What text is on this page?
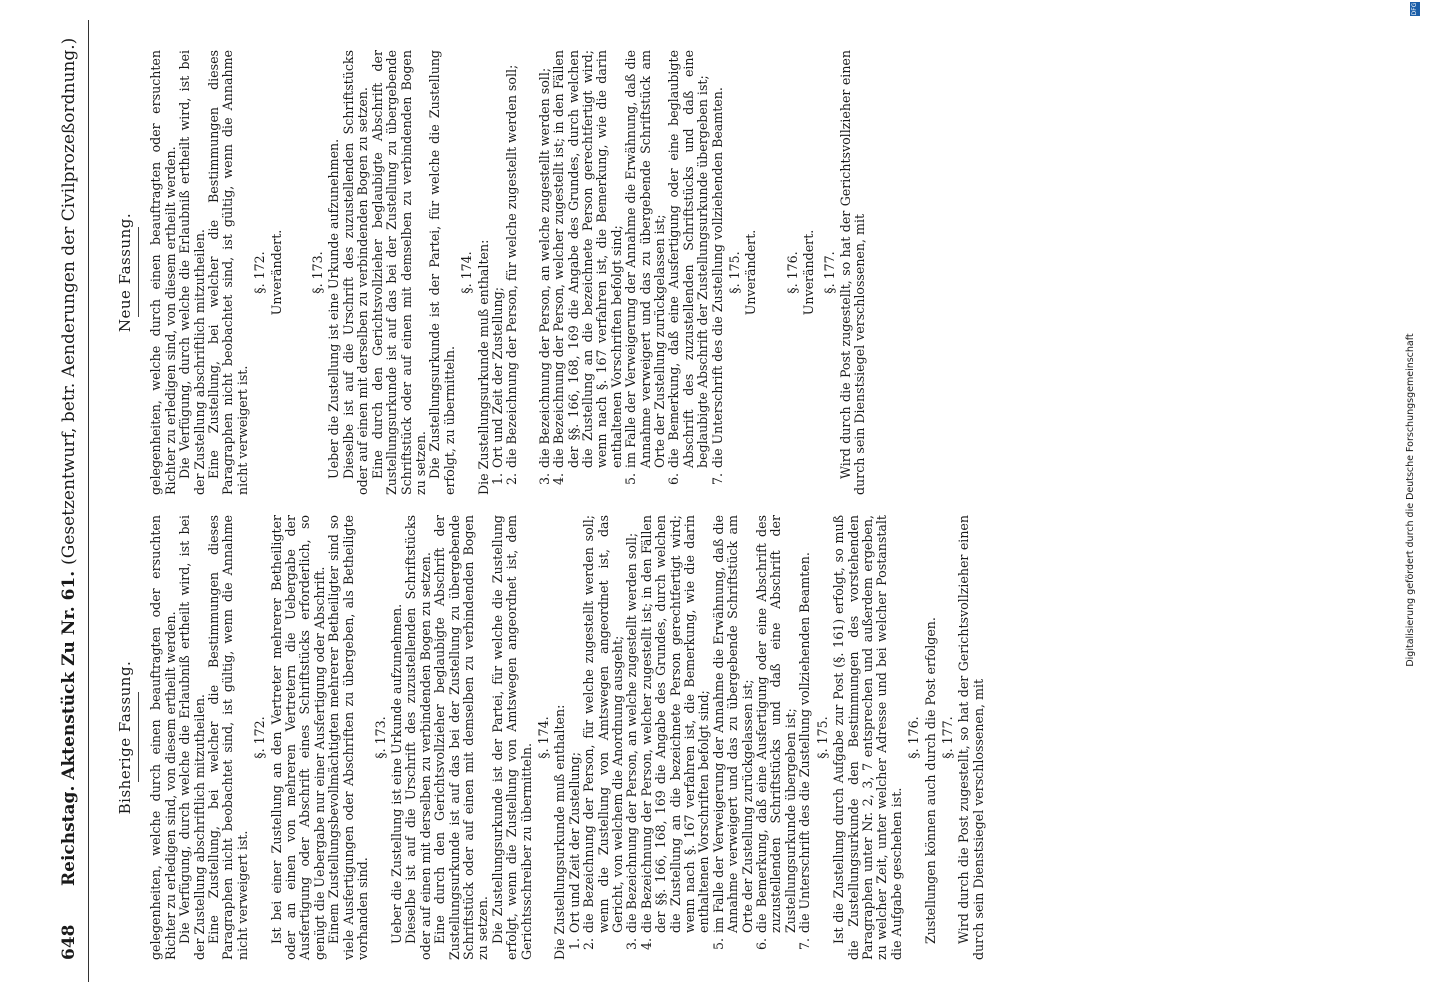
648
Reichstag. Aktenstück Zu Nr. 61. (Gesetzentwurf, betr. Aenderungen der Civilprozeßordnung.)
Bisherige Fassung. gelegenheiten, welche durch einen beauftragten oder ersuchten Richter zu erledigen sind, von diesem ertheilt werden. Die Verfügung, durch welche die Erlaubniß ertheilt wird, ist bei der Zustellung abschriftlich mitzutheilen. Eine Zustellung, bei welcher die Bestimmungen dieses Paragraphen nicht beobachtet sind, ist gültig, wenn die Annahme nicht verweigert ist.

§. 172. Ist bei einer Zustellung an den Vertreter mehrerer Betheiligter oder an einen von mehreren Vertretern die Uebergabe der Ausfertigung oder Abschrift eines Schriftstücks erforderlich, so genügt die Uebergabe nur einer Ausfertigung oder Abschrift. Einem Zustellungsbevollmächtigten mehrerer Betheiligter sind so viele Ausfertigungen oder Abschriften zu übergeben, als Betheiligte vorhanden sind.

§. 173. Ueber die Zustellung ist eine Urkunde aufzunehmen. Dieselbe ist auf die Urschrift des zuzustellenden Schriftstücks oder auf einen mit derselben zu verbindenden Bogen zu setzen. Eine durch den Gerichtsvollzieher beglaubigte Abschrift der Zustellungsurkunde ist auf das bei der Zustellung zu übergebende Schriftstück oder auf einen mit demselben zu verbindenden Bogen zu setzen. Die Zustellungsurkunde ist der Partei, für welche die Zustellung erfolgt, wenn die Zustellung von Amtswegen angeordnet ist, dem Gerichtsschreiber zu übermitteln.

§. 174. Die Zustellungsurkunde muß enthalten: 1.
Ort und Zeit der Zustellung;
2.
die Bezeichnung der Person, für welche zugestellt werden soll; wenn die Zustellung von Amtswegen angeordnet ist, das Gericht, von welchem die Anordnung ausgeht;
3.
die Bezeichnung der Person, an welche zugestellt werden soll;
4.
die Bezeichnung der Person, welcher zugestellt ist; in den Fällen der §§. 166, 168, 169 die Angabe des Grundes, durch welchen die Zustellung an die bezeichnete Person gerechtfertigt wird; wenn nach §. 167 verfahren ist, die Bemerkung, wie die darin enthaltenen Vorschriften befolgt sind;
5.
im Falle der Verweigerung der Annahme die Erwähnung, daß die Annahme verweigert und das zu übergebende Schriftstück am Orte der Zustellung zurückgelassen ist;
6.
die Bemerkung, daß eine Ausfertigung oder eine Abschrift des zuzustellenden Schriftstücks und daß eine Abschrift der Zustellungsurkunde übergeben ist;
7.
die Unterschrift des die Zustellung vollziehenden Beamten. §. 175. Ist die Zustellung durch Aufgabe zur Post (§. 161) erfolgt, so muß die Zustellungsurkunde den Bestimmungen des vorstehenden Paragraphen unter Nr. 2, 3, 7 entsprechen und außerdem ergeben, zu welcher Zeit, unter welcher Adresse und bei welcher Postanstalt die Aufgabe geschehen ist.

§. 176. Zustellungen können auch durch die Post erfolgen. §. 177. Wird durch die Post zugestellt, so hat der Gerichtsvollzieher einen durch sein Dienstsiegel verschlossenen, mit

Neue Fassung. gelegenheiten, welche durch einen beauftragten oder ersuchten Richter zu erledigen sind, von diesem ertheilt werden. Die Verfügung, durch welche die Erlaubniß ertheilt wird, ist bei der Zustellung abschriftlich mitzutheilen. Eine Zustellung, bei welcher die Bestimmungen dieses Paragraphen nicht beobachtet sind, ist gültig, wenn die Annahme nicht verweigert ist.

§. 172. Unverändert. §. 173. Ueber die Zustellung ist eine Urkunde aufzunehmen. Dieselbe ist auf die Urschrift des zuzustellenden Schriftstücks oder auf einen mit derselben zu verbindenden Bogen zu setzen. Eine durch den Gerichtsvollzieher beglaubigte Abschrift der Zustellungsurkunde ist auf das bei der Zustellung zu übergebende Schriftstück oder auf einen mit demselben zu verbindenden Bogen zu setzen. Die Zustellungsurkunde ist der Partei, für welche die Zustellung erfolgt, zu übermitteln.

§. 174. Die Zustellungsurkunde muß enthalten: 1.
Ort und Zeit der Zustellung;
2.
die Bezeichnung der Person, für welche zugestellt werden soll;
3.
die Bezeichnung der Person, an welche zugestellt werden soll;
4.
die Bezeichnung der Person, welcher zugestellt ist; in den Fällen der §§. 166, 168, 169 die Angabe des Grundes, durch welchen die Zustellung an die bezeichnete Person gerechtfertigt wird; wenn nach §. 167 verfahren ist, die Bemerkung, wie die darin enthaltenen Vorschriften befolgt sind;
5.
im Falle der Verweigerung der Annahme die Erwähnung, daß die Annahme verweigert und das zu übergebende Schriftstück am Orte der Zustellung zurückgelassen ist;
6.
die Bemerkung, daß eine Ausfertigung oder eine beglaubigte Abschrift des zuzustellenden Schriftstücks und daß eine beglaubigte Abschrift der Zustellungsurkunde übergeben ist;
7.
die Unterschrift des die Zustellung vollziehenden Beamten. §. 175. Unverändert. §. 176. Unverändert. §. 177. Wird durch die Post zugestellt, so hat der Gerichtsvollzieher einen durch sein Dienstsiegel verschlossenen, mit	Digitalisierung gefördert durch die Deutsche Forschungsgemeinschaft
DFG
